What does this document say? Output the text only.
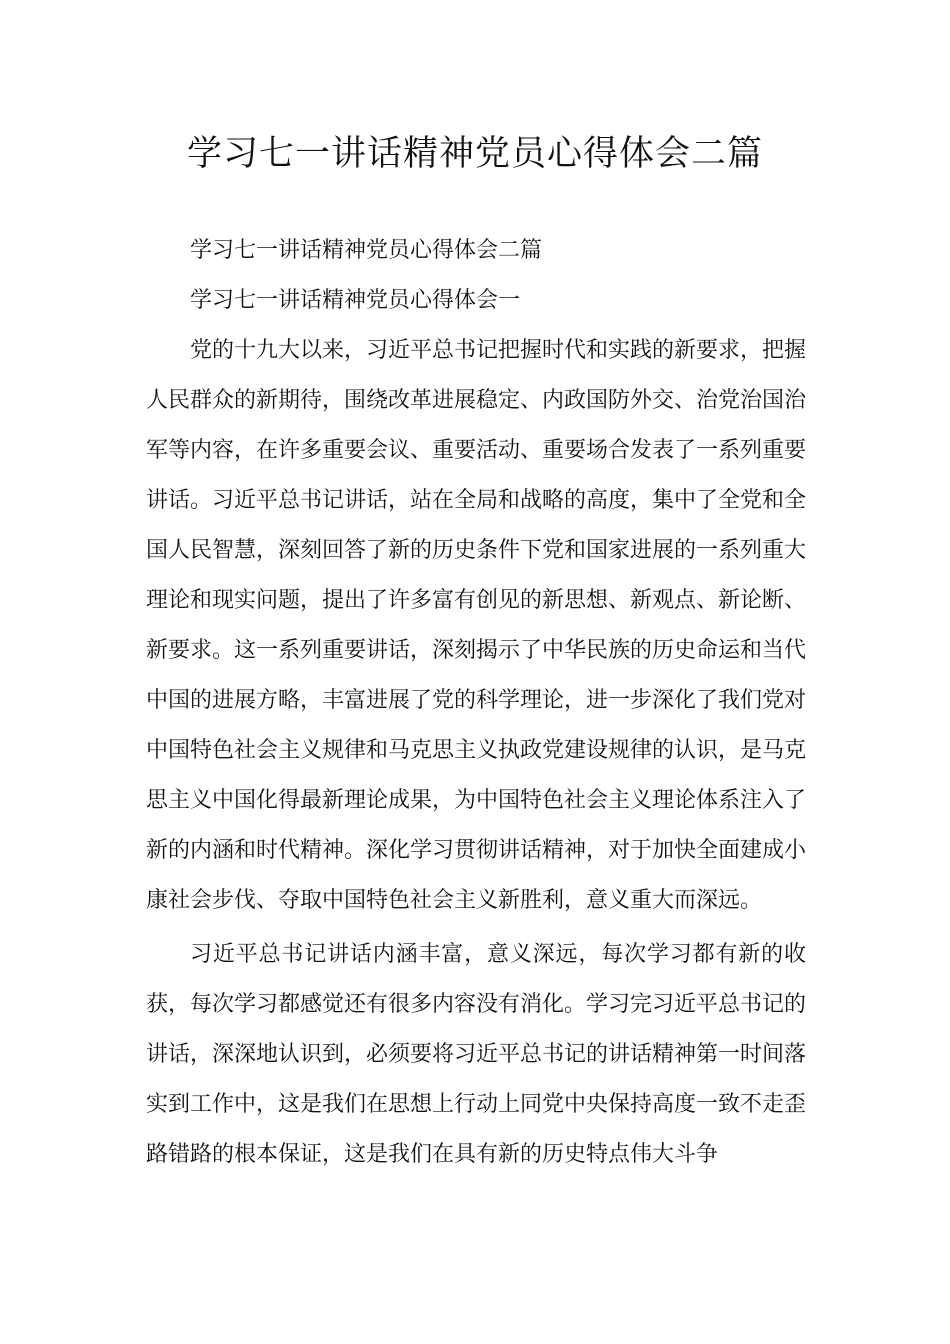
学习七一讲话精神党员心得体会二篇

学习七一讲话精神党员心得体会二篇

学习七一讲话精神党员心得体会一

党的十九大以来，习近平总书记把握时代和实践的新要求，把握人民群众的新期待，围绕改革进展稳定、内政国防外交、治党治国治军等内容，在许多重要会议、重要活动、重要场合发表了一系列重要讲话。习近平总书记讲话，站在全局和战略的高度，集中了全党和全国人民智慧，深刻回答了新的历史条件下党和国家进展的一系列重大理论和现实问题，提出了许多富有创见的新思想、新观点、新论断、新要求。这一系列重要讲话，深刻揭示了中华民族的历史命运和当代中国的进展方略，丰富进展了党的科学理论，进一步深化了我们党对中国特色社会主义规律和马克思主义执政党建设规律的认识，是马克思主义中国化得最新理论成果，为中国特色社会主义理论体系注入了新的内涵和时代精神。深化学习贯彻讲话精神，对于加快全面建成小康社会步伐、夺取中国特色社会主义新胜利，意义重大而深远。

习近平总书记讲话内涵丰富，意义深远，每次学习都有新的收获，每次学习都感觉还有很多内容没有消化。学习完习近平总书记的讲话，深深地认识到，必须要将习近平总书记的讲话精神第一时间落实到工作中，这是我们在思想上行动上同党中央保持高度一致不走歪路错路的根本保证，这是我们在具有新的历史特点伟大斗争
